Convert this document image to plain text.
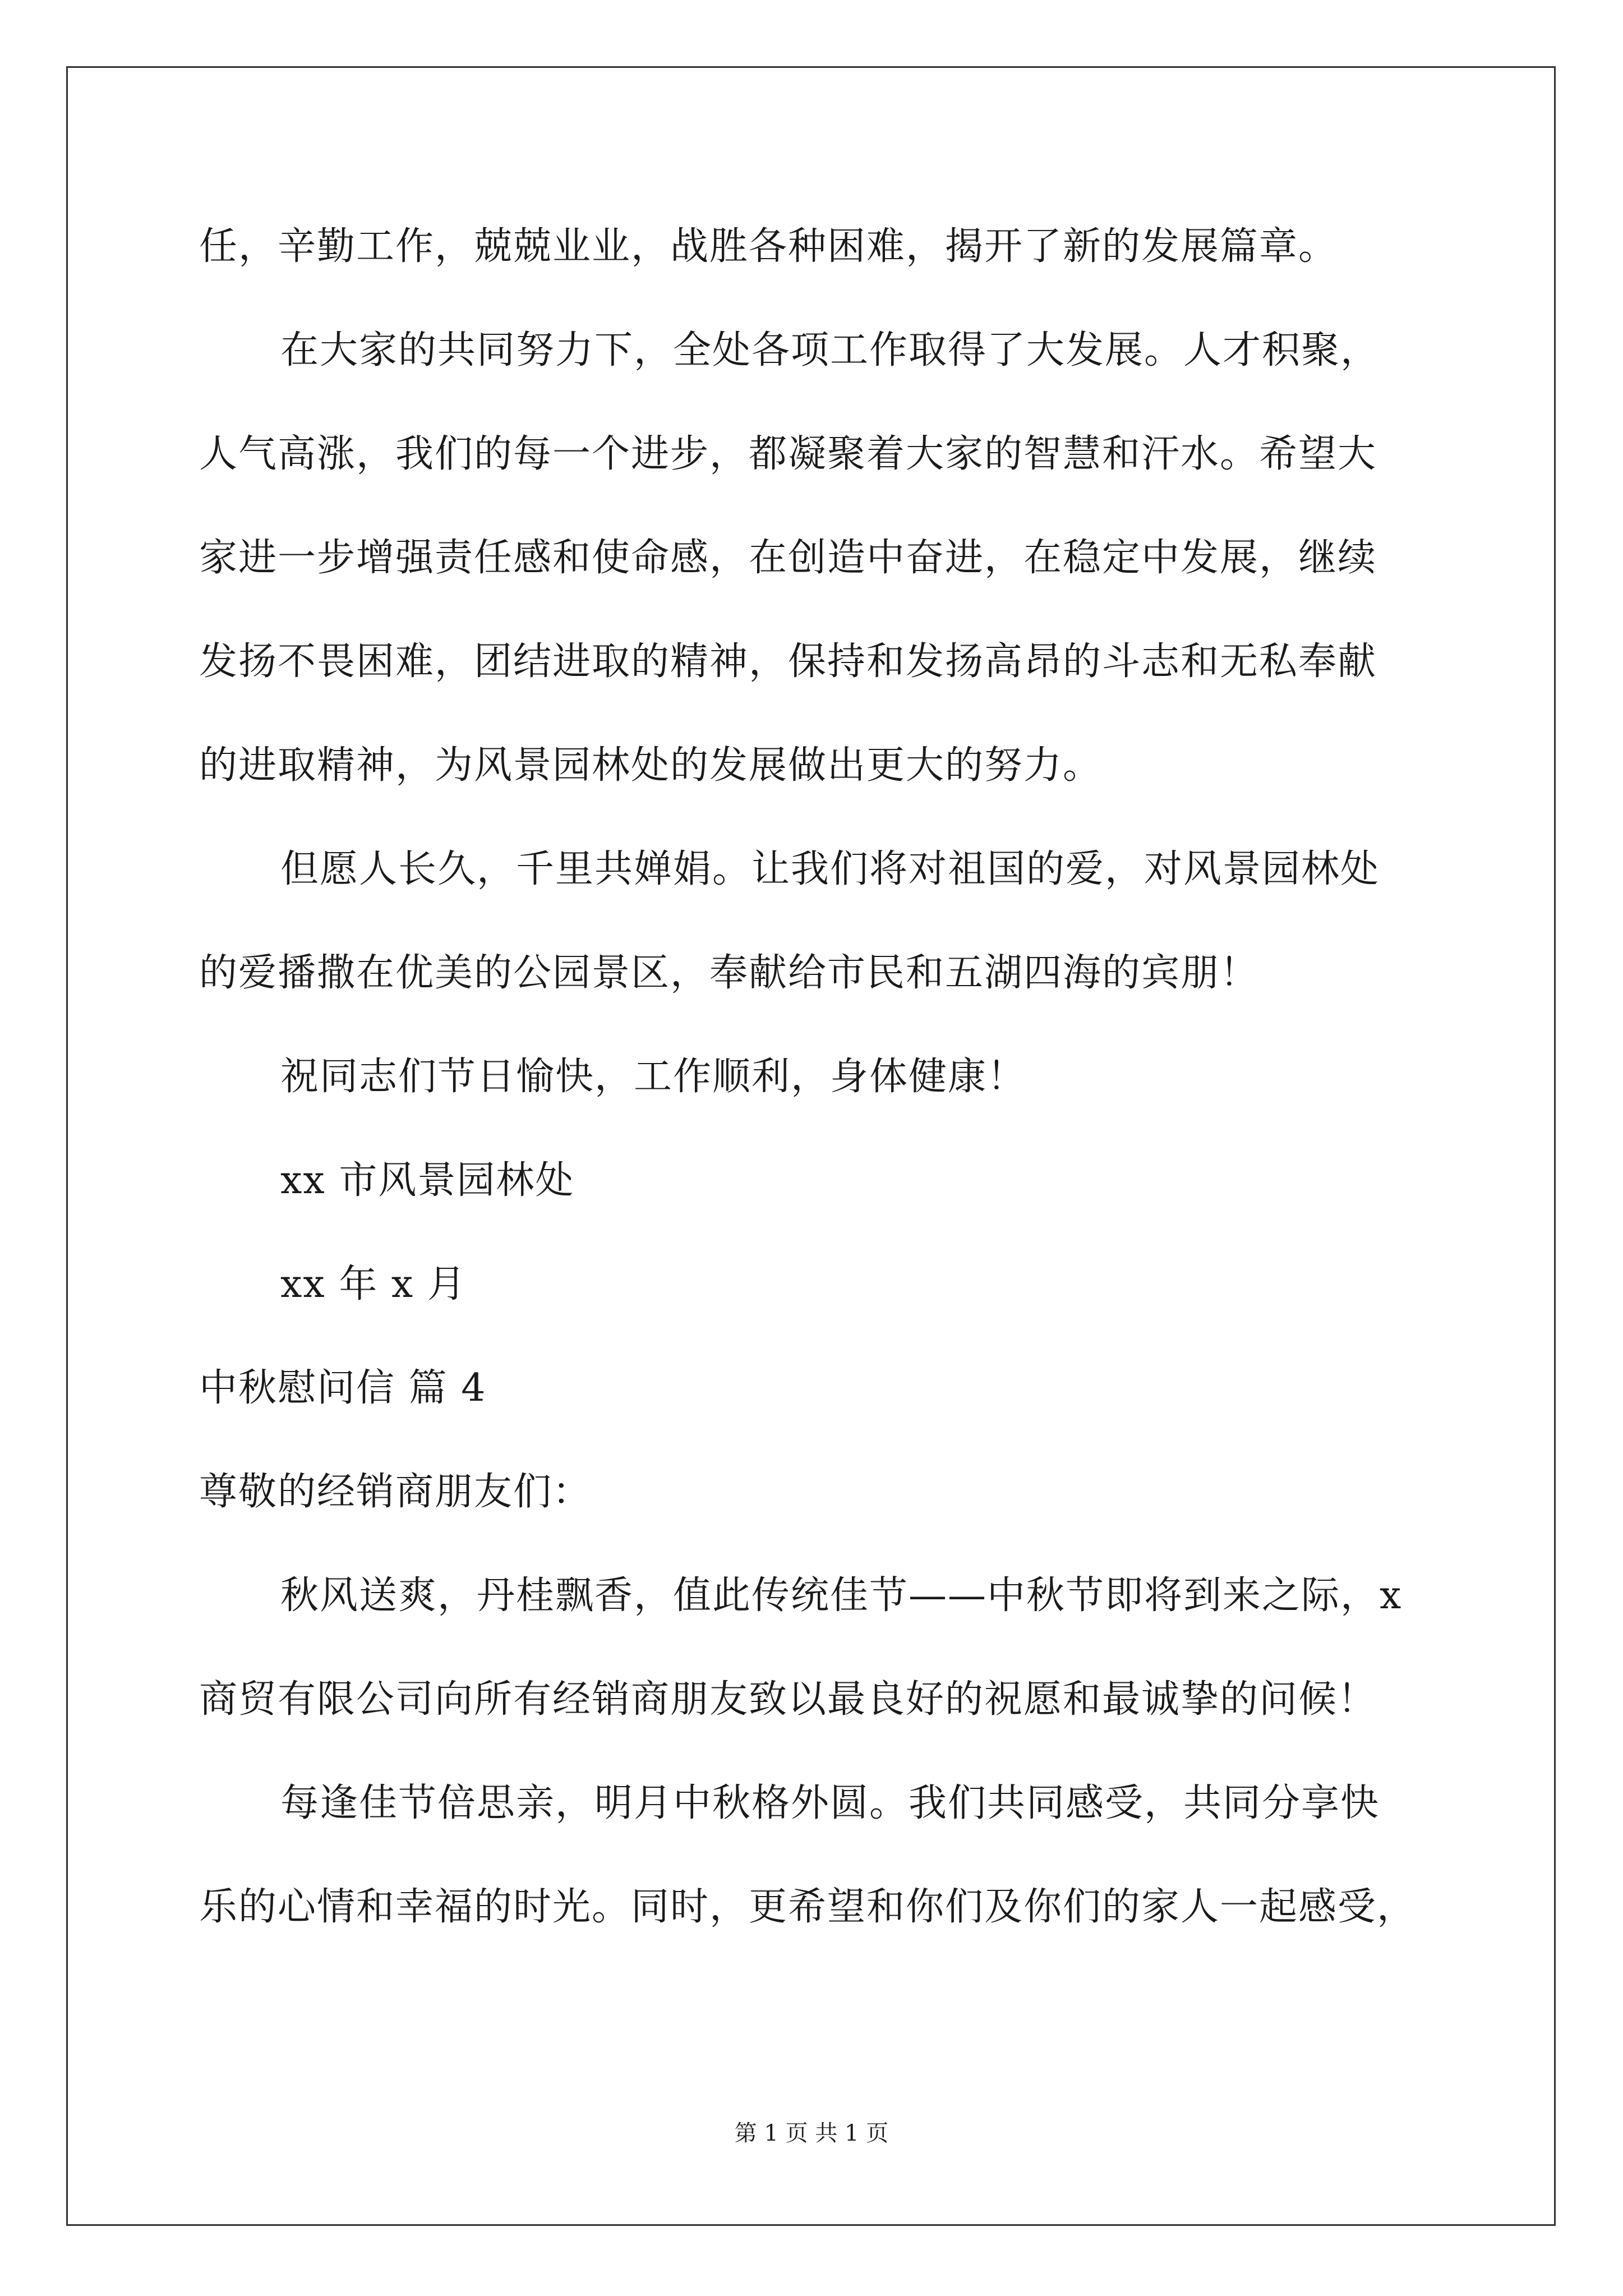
任，辛勤工作，兢兢业业，战胜各种困难，揭开了新的发展篇章。
在大家的共同努力下，全处各项工作取得了大发展。人才积聚，
人气高涨，我们的每一个进步，都凝聚着大家的智慧和汗水。希望大
家进一步增强责任感和使命感，在创造中奋进，在稳定中发展，继续
发扬不畏困难，团结进取的精神，保持和发扬高昂的斗志和无私奉献
的进取精神，为风景园林处的发展做出更大的努力。
但愿人长久，千里共婵娟。让我们将对祖国的爱，对风景园林处
的爱播撒在优美的公园景区，奉献给市民和五湖四海的宾朋！
祝同志们节日愉快，工作顺利，身体健康！
xx 市风景园林处
xx 年 x 月
中秋慰问信 篇 4
尊敬的经销商朋友们：
秋风送爽，丹桂飘香，值此传统佳节——中秋节即将到来之际，x
商贸有限公司向所有经销商朋友致以最良好的祝愿和最诚挚的问候！
每逢佳节倍思亲，明月中秋格外圆。我们共同感受，共同分享快
乐的心情和幸福的时光。同时，更希望和你们及你们的家人一起感受，
第 1 页 共 1 页
